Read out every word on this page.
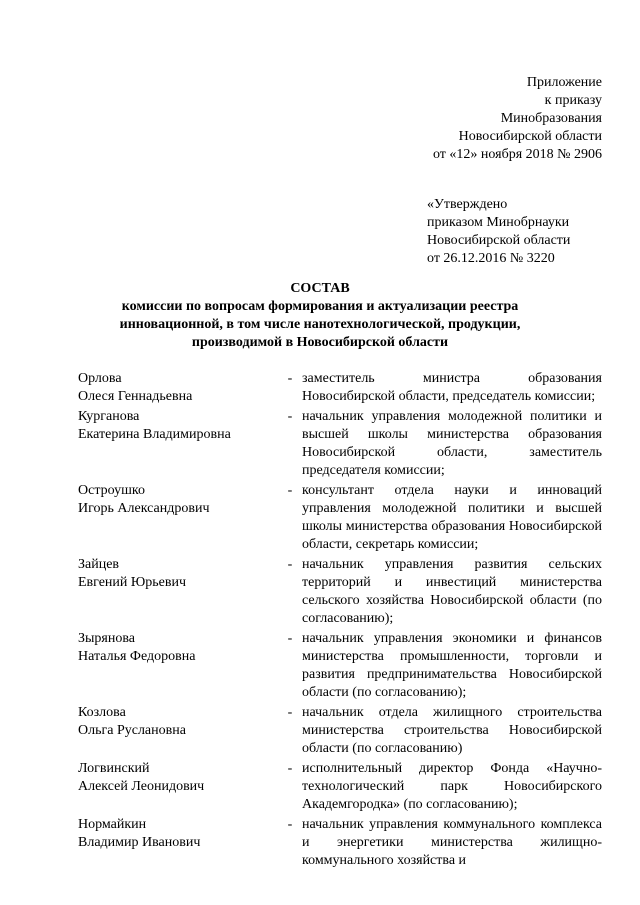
Приложение
к приказу
Минобразования
Новосибирской области
от «12» ноября 2018 № 2906
«Утверждено
приказом Минобрнауки
Новосибирской области
от 26.12.2016 № 3220
СОСТАВ
комиссии по вопросам формирования и актуализации реестра
инновационной, в том числе нанотехнологической, продукции,
производимой в Новосибирской области
Орлова
Олеся Геннадьевна
- заместитель министра образования Новосибирской области, председатель комиссии;
Курганова
Екатерина Владимировна
- начальник управления молодежной политики и высшей школы министерства образования Новосибирской области, заместитель председателя комиссии;
Остроушко
Игорь Александрович
- консультант отдела науки и инноваций управления молодежной политики и высшей школы министерства образования Новосибирской области, секретарь комиссии;
Зайцев
Евгений Юрьевич
- начальник управления развития сельских территорий и инвестиций министерства сельского хозяйства Новосибирской области (по согласованию);
Зырянова
Наталья Федоровна
- начальник управления экономики и финансов министерства промышленности, торговли и развития предпринимательства Новосибирской области (по согласованию);
Козлова
Ольга Руслановна
- начальник отдела жилищного строительства министерства строительства Новосибирской области (по согласованию)
Логвинский
Алексей Леонидович
- исполнительный директор Фонда «Научно-технологический парк Новосибирского Академгородка» (по согласованию);
Нормайкин
Владимир Иванович
- начальник управления коммунального комплекса и энергетики министерства жилищно-коммунального хозяйства и
